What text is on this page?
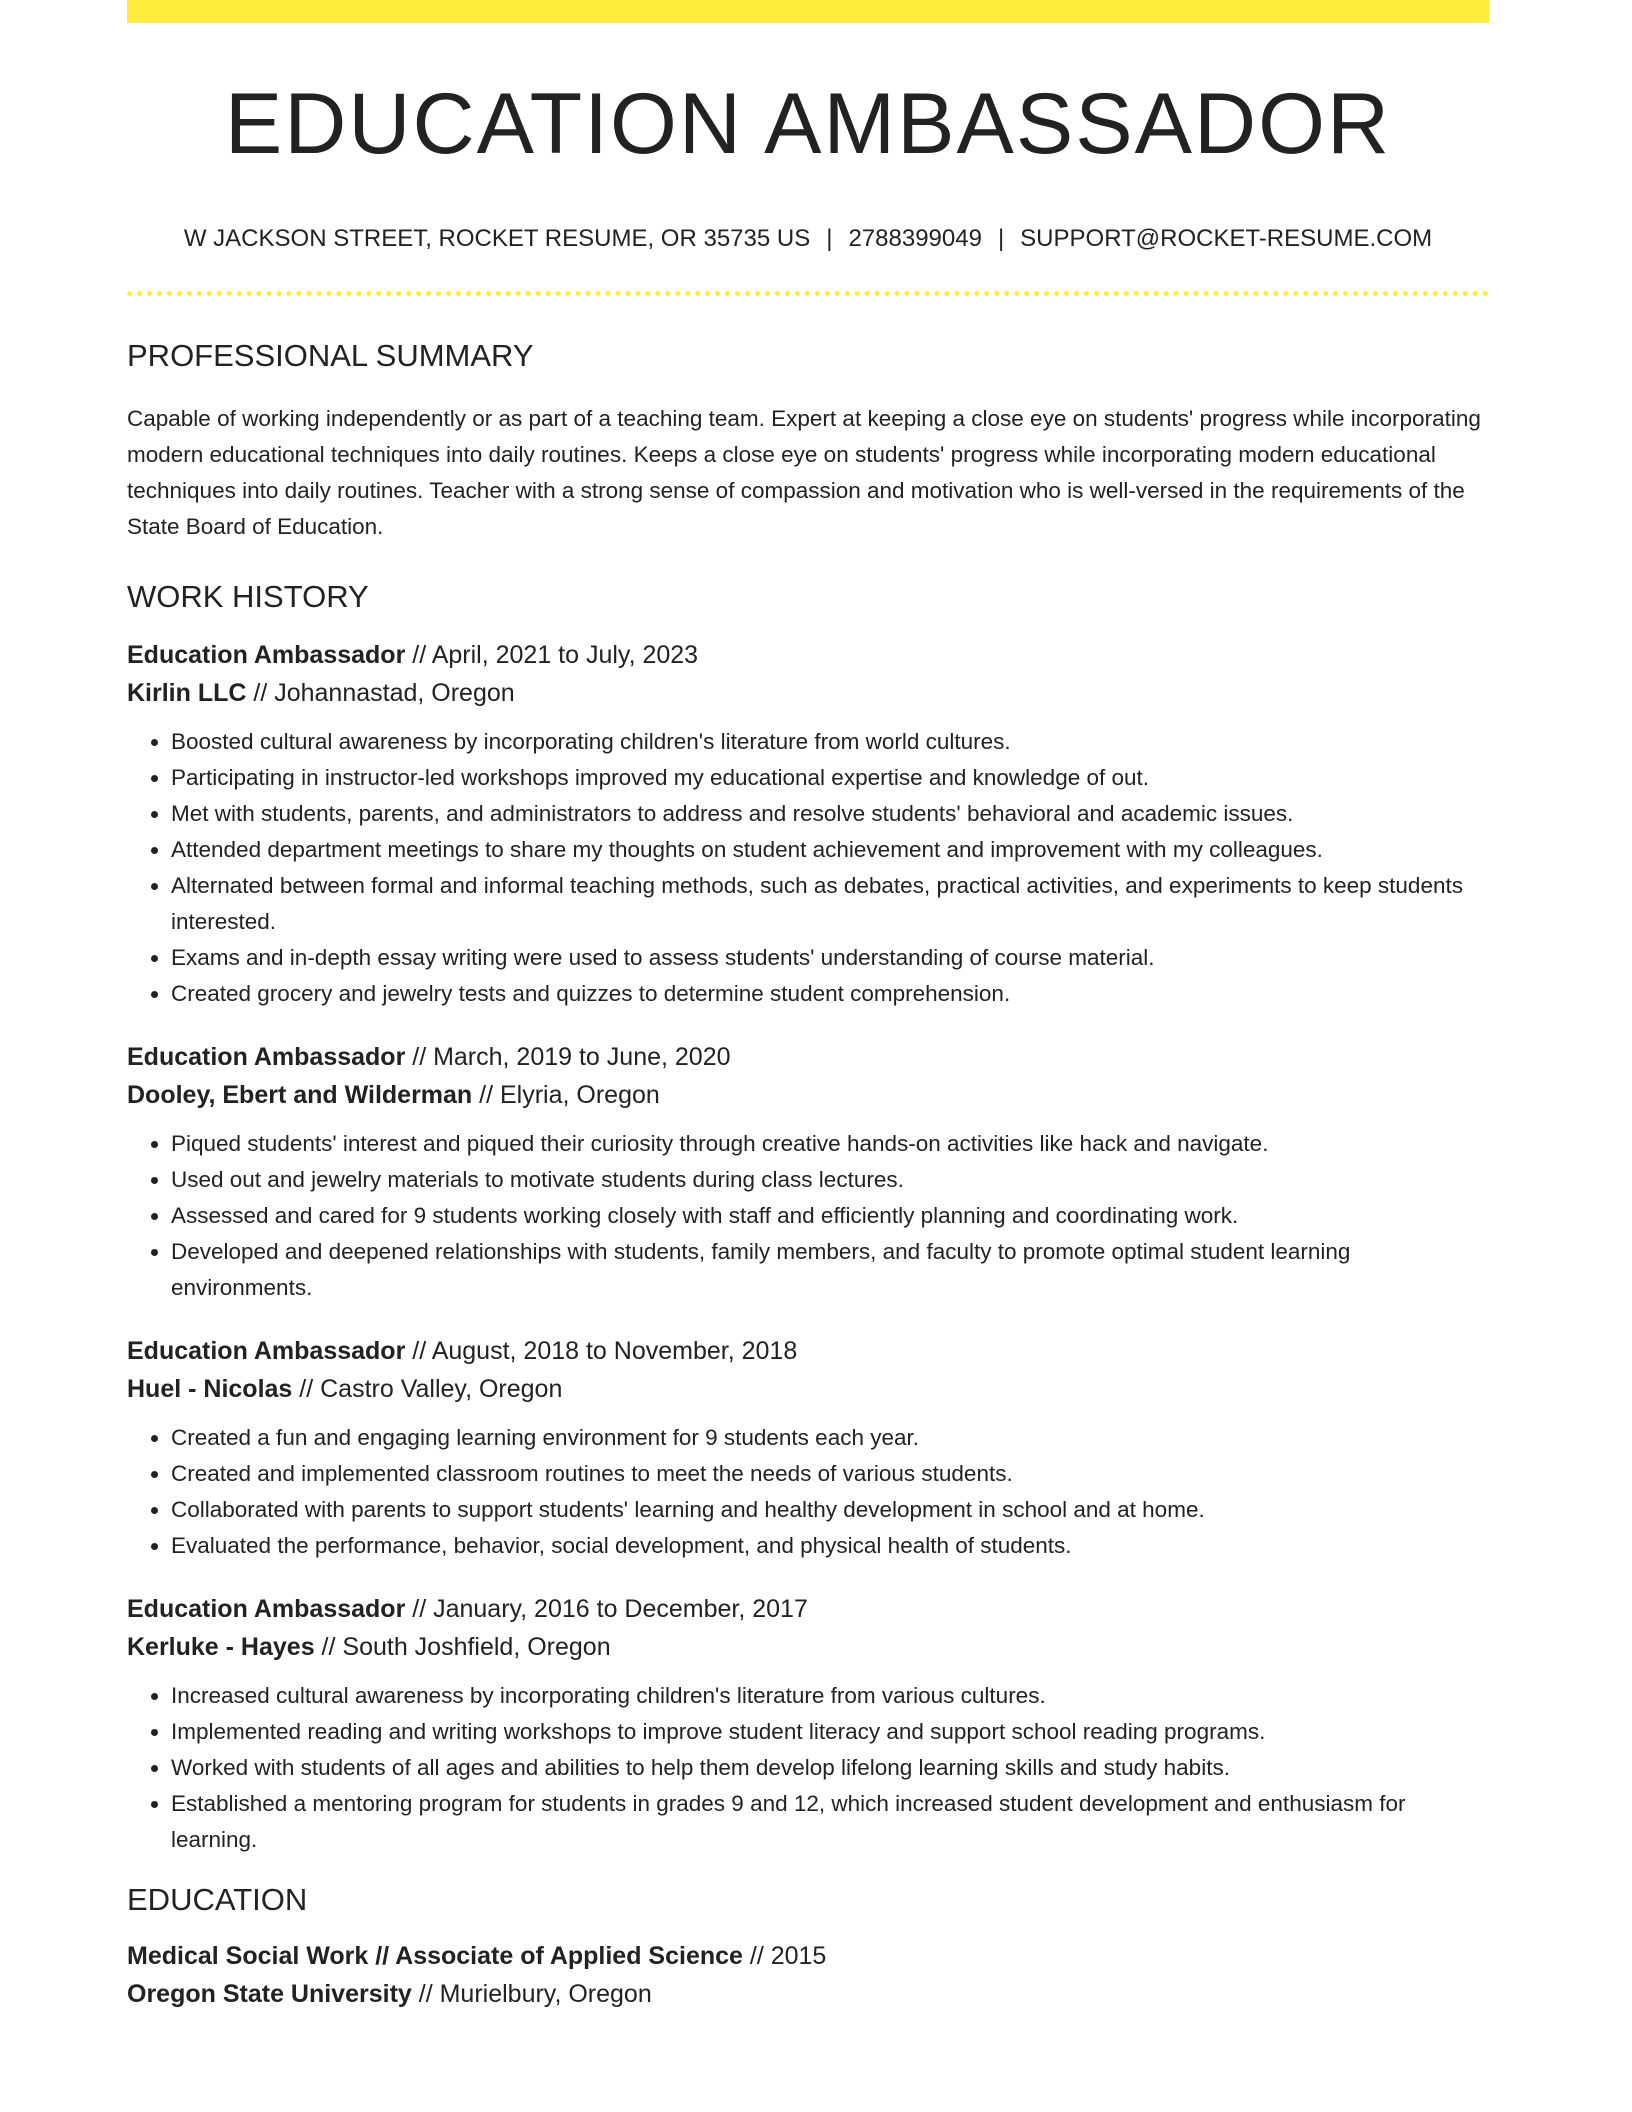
EDUCATION AMBASSADOR
W JACKSON STREET, ROCKET RESUME, OR 35735 US | 2788399049 | SUPPORT@ROCKET-RESUME.COM
PROFESSIONAL SUMMARY

Capable of working independently or as part of a teaching team. Expert at keeping a close eye on students' progress while incorporating modern educational techniques into daily routines. Keeps a close eye on students' progress while incorporating modern educational techniques into daily routines. Teacher with a strong sense of compassion and motivation who is well-versed in the requirements of the State Board of Education.

WORK HISTORY
Education Ambassador // April, 2021 to July, 2023
Kirlin LLC // Johannastad, Oregon
• Boosted cultural awareness by incorporating children's literature from world cultures.
• Participating in instructor-led workshops improved my educational expertise and knowledge of out.
• Met with students, parents, and administrators to address and resolve students' behavioral and academic issues.
• Attended department meetings to share my thoughts on student achievement and improvement with my colleagues.
• Alternated between formal and informal teaching methods, such as debates, practical activities, and experiments to keep students interested.
• Exams and in-depth essay writing were used to assess students' understanding of course material.
• Created grocery and jewelry tests and quizzes to determine student comprehension.
Education Ambassador // March, 2019 to June, 2020
Dooley, Ebert and Wilderman // Elyria, Oregon
• Piqued students' interest and piqued their curiosity through creative hands-on activities like hack and navigate.
• Used out and jewelry materials to motivate students during class lectures.
• Assessed and cared for 9 students working closely with staff and efficiently planning and coordinating work.
• Developed and deepened relationships with students, family members, and faculty to promote optimal student learning environments.
Education Ambassador // August, 2018 to November, 2018
Huel - Nicolas // Castro Valley, Oregon
• Created a fun and engaging learning environment for 9 students each year.
• Created and implemented classroom routines to meet the needs of various students.
• Collaborated with parents to support students' learning and healthy development in school and at home.
• Evaluated the performance, behavior, social development, and physical health of students.
Education Ambassador // January, 2016 to December, 2017
Kerluke - Hayes // South Joshfield, Oregon
• Increased cultural awareness by incorporating children's literature from various cultures.
• Implemented reading and writing workshops to improve student literacy and support school reading programs.
• Worked with students of all ages and abilities to help them develop lifelong learning skills and study habits.
• Established a mentoring program for students in grades 9 and 12, which increased student development and enthusiasm for learning.
EDUCATION
Medical Social Work // Associate of Applied Science // 2015
Oregon State University // Murielbury, Oregon
